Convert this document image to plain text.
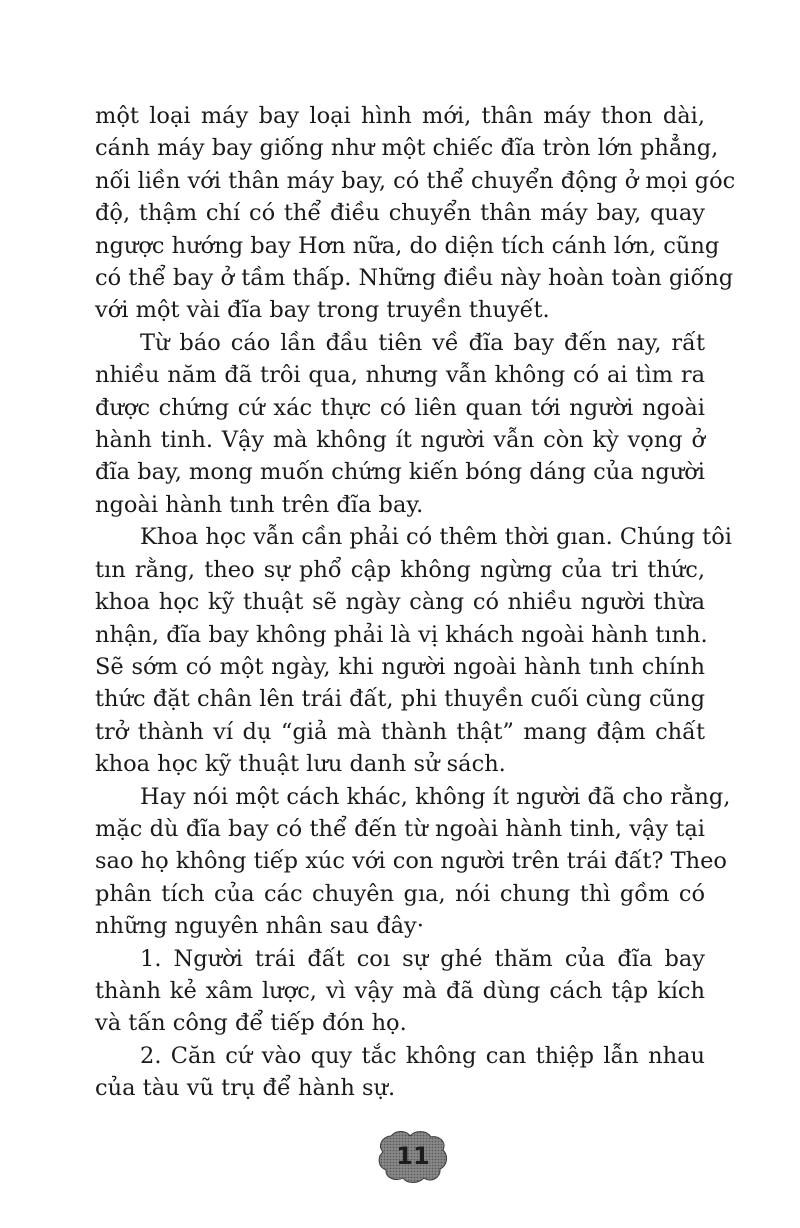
một loại máy bay loại hình mới, thân máy thon dài,
cánh máy bay giống như một chiếc đĩa tròn lớn phẳng,
nối liền với thân máy bay, có thể chuyển động ở mọi góc
độ, thậm chí có thể điều chuyển thân máy bay, quay
ngược hướng bay Hơn nữa, do diện tích cánh lớn, cũng
có thể bay ở tầm thấp. Những điều này hoàn toàn giống
với một vài đĩa bay trong truyền thuyết.
Từ báo cáo lần đầu tiên về đĩa bay đến nay, rất
nhiều năm đã trôi qua, nhưng vẫn không có ai tìm ra
được chứng cứ xác thực có liên quan tới người ngoài
hành tinh. Vậy mà không ít người vẫn còn kỳ vọng ở
đĩa bay, mong muốn chứng kiến bóng dáng của người
ngoài hành tınh trên đĩa bay.
Khoa học vẫn cần phải có thêm thời gıan. Chúng tôi
tın rằng, theo sự phổ cập không ngừng của tri thức,
khoa học kỹ thuật sẽ ngày càng có nhiều người thừa
nhận, đĩa bay không phải là vị khách ngoài hành tınh.
Sẽ sớm có một ngày, khi người ngoài hành tınh chính
thức đặt chân lên trái đất, phi thuyền cuối cùng cũng
trở thành ví dụ “giả mà thành thật” mang đậm chất
khoa học kỹ thuật lưu danh sử sách.
Hay nói một cách khác, không ít người đã cho rằng,
mặc dù đĩa bay có thể đến từ ngoài hành tinh, vậy tại
sao họ không tiếp xúc với con người trên trái đất? Theo
phân tích của các chuyên gıa, nói chung thì gồm có
những nguyên nhân sau đây·
1. Người trái đất coı sự ghé thăm của đĩa bay
thành kẻ xâm lược, vì vậy mà đã dùng cách tập kích
và tấn công để tiếp đón họ.
2. Căn cứ vào quy tắc không can thiệp lẫn nhau
của tàu vũ trụ để hành sự.
11
